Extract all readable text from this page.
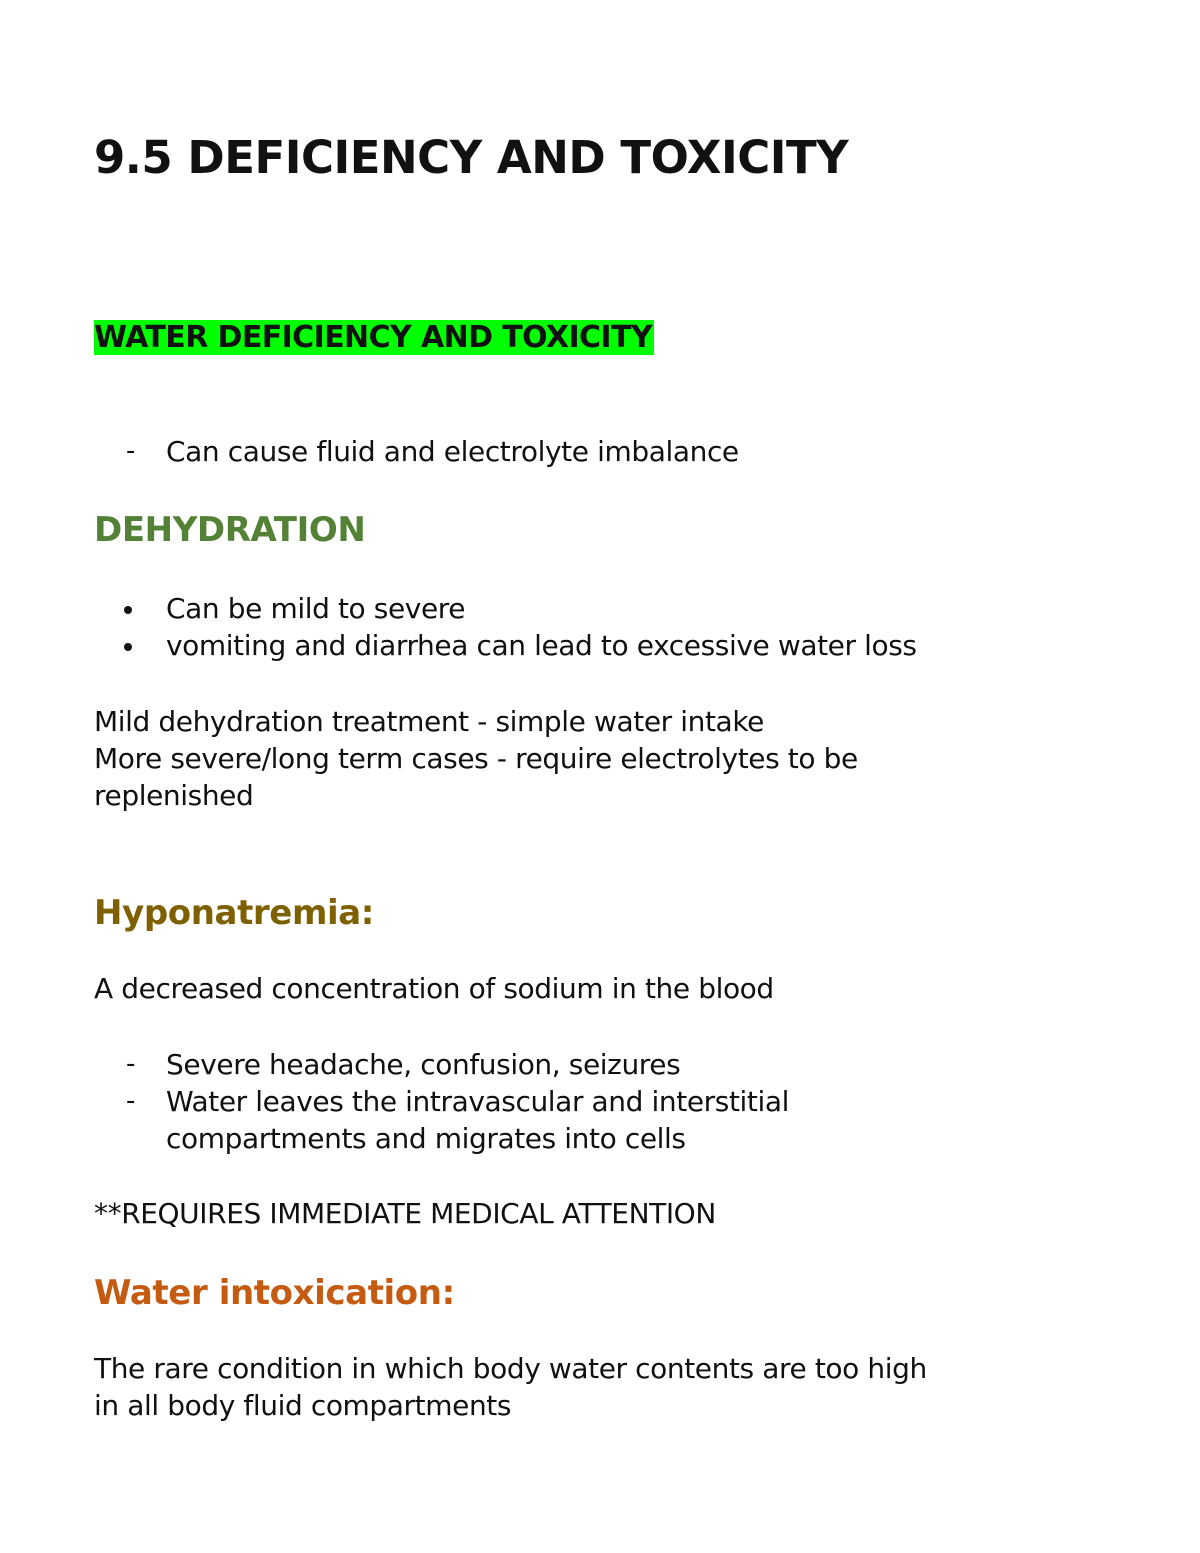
9.5 DEFICIENCY AND TOXICITY
WATER DEFICIENCY AND TOXICITY
-	Can cause fluid and electrolyte imbalance
DEHYDRATION
Can be mild to severe
vomiting and diarrhea can lead to excessive water loss
Mild dehydration treatment - simple water intake
More severe/long term cases - require electrolytes to be
replenished
Hyponatremia:

A decreased concentration of sodium in the blood

-	Severe headache, confusion, seizures
-	Water leaves the intravascular and interstitial
compartments and migrates into cells

**REQUIRES IMMEDIATE MEDICAL ATTENTION

Water intoxication:
The rare condition in which body water contents are too high
in all body fluid compartments
